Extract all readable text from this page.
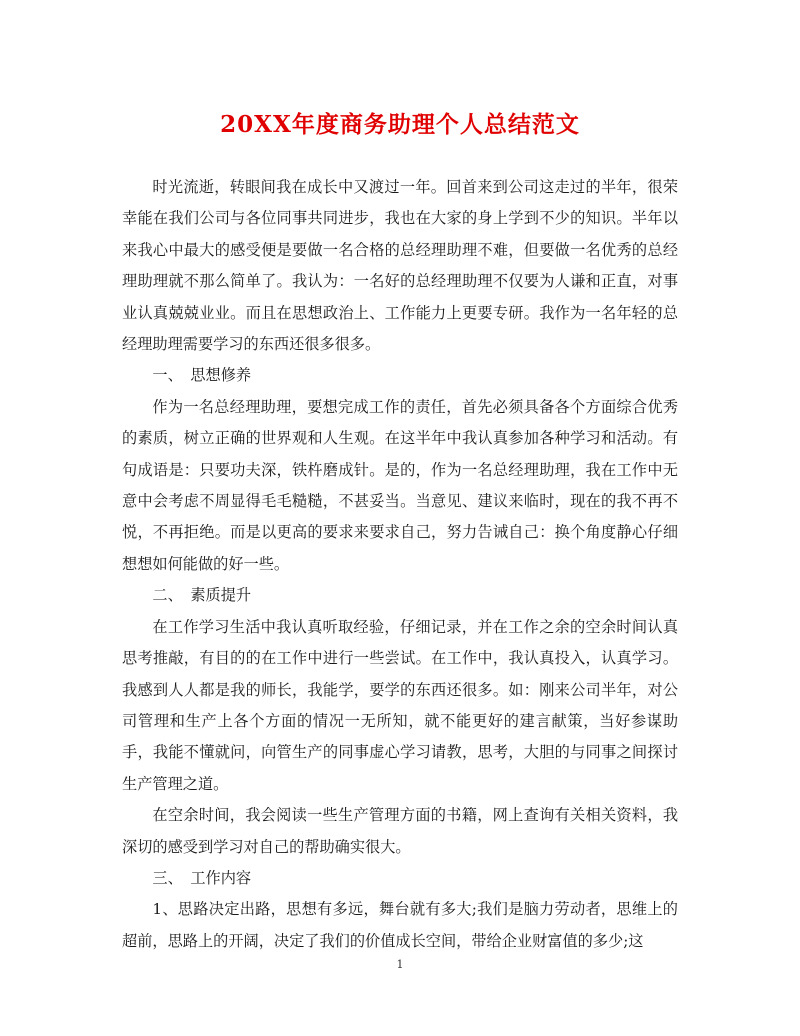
20XX年度商务助理个人总结范文

时光流逝，转眼间我在成长中又渡过一年。回首来到公司这走过的半年，很荣幸能在我们公司与各位同事共同进步，我也在大家的身上学到不少的知识。半年以来我心中最大的感受便是要做一名合格的总经理助理不难，但要做一名优秀的总经理助理就不那么简单了。我认为：一名好的总经理助理不仅要为人谦和正直，对事业认真兢兢业业。而且在思想政治上、工作能力上更要专研。我作为一名年轻的总经理助理需要学习的东西还很多很多。

一、　思想修养

作为一名总经理助理，要想完成工作的责任，首先必须具备各个方面综合优秀的素质，树立正确的世界观和人生观。在这半年中我认真参加各种学习和活动。有句成语是：只要功夫深，铁杵磨成针。是的，作为一名总经理助理，我在工作中无意中会考虑不周显得毛毛糙糙，不甚妥当。当意见、建议来临时，现在的我不再不悦，不再拒绝。而是以更高的要求来要求自己，努力告诫自己：换个角度静心仔细想想如何能做的好一些。

二、　素质提升

在工作学习生活中我认真听取经验，仔细记录，并在工作之余的空余时间认真思考推敲，有目的的在工作中进行一些尝试。在工作中，我认真投入，认真学习。我感到人人都是我的师长，我能学，要学的东西还很多。如：刚来公司半年，对公司管理和生产上各个方面的情况一无所知，就不能更好的建言献策，当好参谋助手，我能不懂就问，向管生产的同事虚心学习请教，思考，大胆的与同事之间探讨生产管理之道。

在空余时间，我会阅读一些生产管理方面的书籍，网上查询有关相关资料，我深切的感受到学习对自己的帮助确实很大。

三、　工作内容

1、思路决定出路，思想有多远，舞台就有多大;我们是脑力劳动者，思维上的超前，思路上的开阔，决定了我们的价值成长空间，带给企业财富值的多少;这

1
